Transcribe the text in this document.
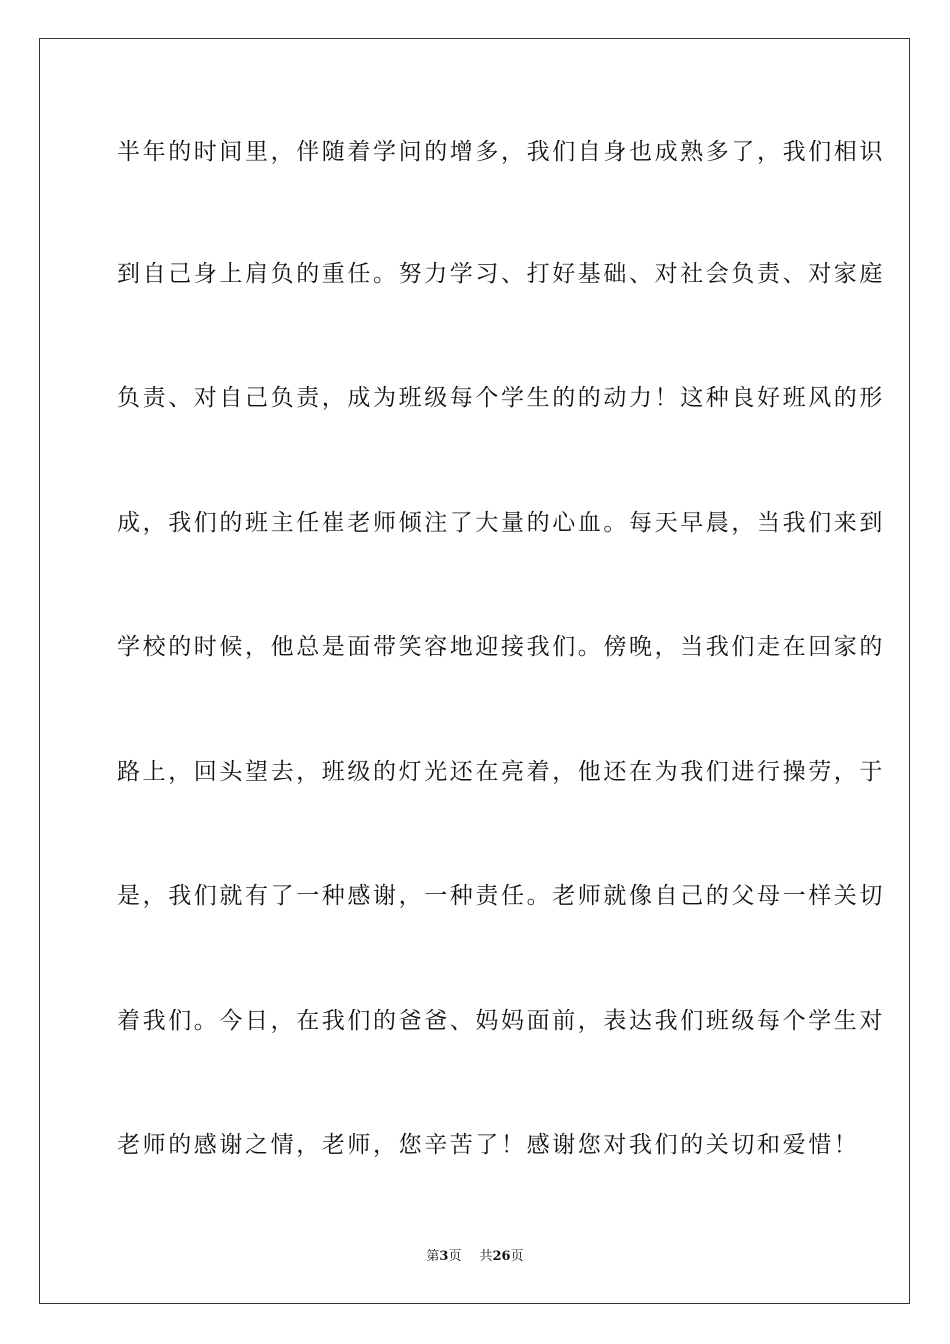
半年的时间里，伴随着学问的增多，我们自身也成熟多了，我们相识
到自己身上肩负的重任。努力学习、打好基础、对社会负责、对家庭
负责、对自己负责，成为班级每个学生的的动力！这种良好班风的形
成，我们的班主任崔老师倾注了大量的心血。每天早晨，当我们来到
学校的时候，他总是面带笑容地迎接我们。傍晚，当我们走在回家的
路上，回头望去，班级的灯光还在亮着，他还在为我们进行操劳，于
是，我们就有了一种感谢，一种责任。老师就像自己的父母一样关切
着我们。今日，在我们的爸爸、妈妈面前，表达我们班级每个学生对
老师的感谢之情，老师，您辛苦了！感谢您对我们的关切和爱惜！
第3页 共26页
